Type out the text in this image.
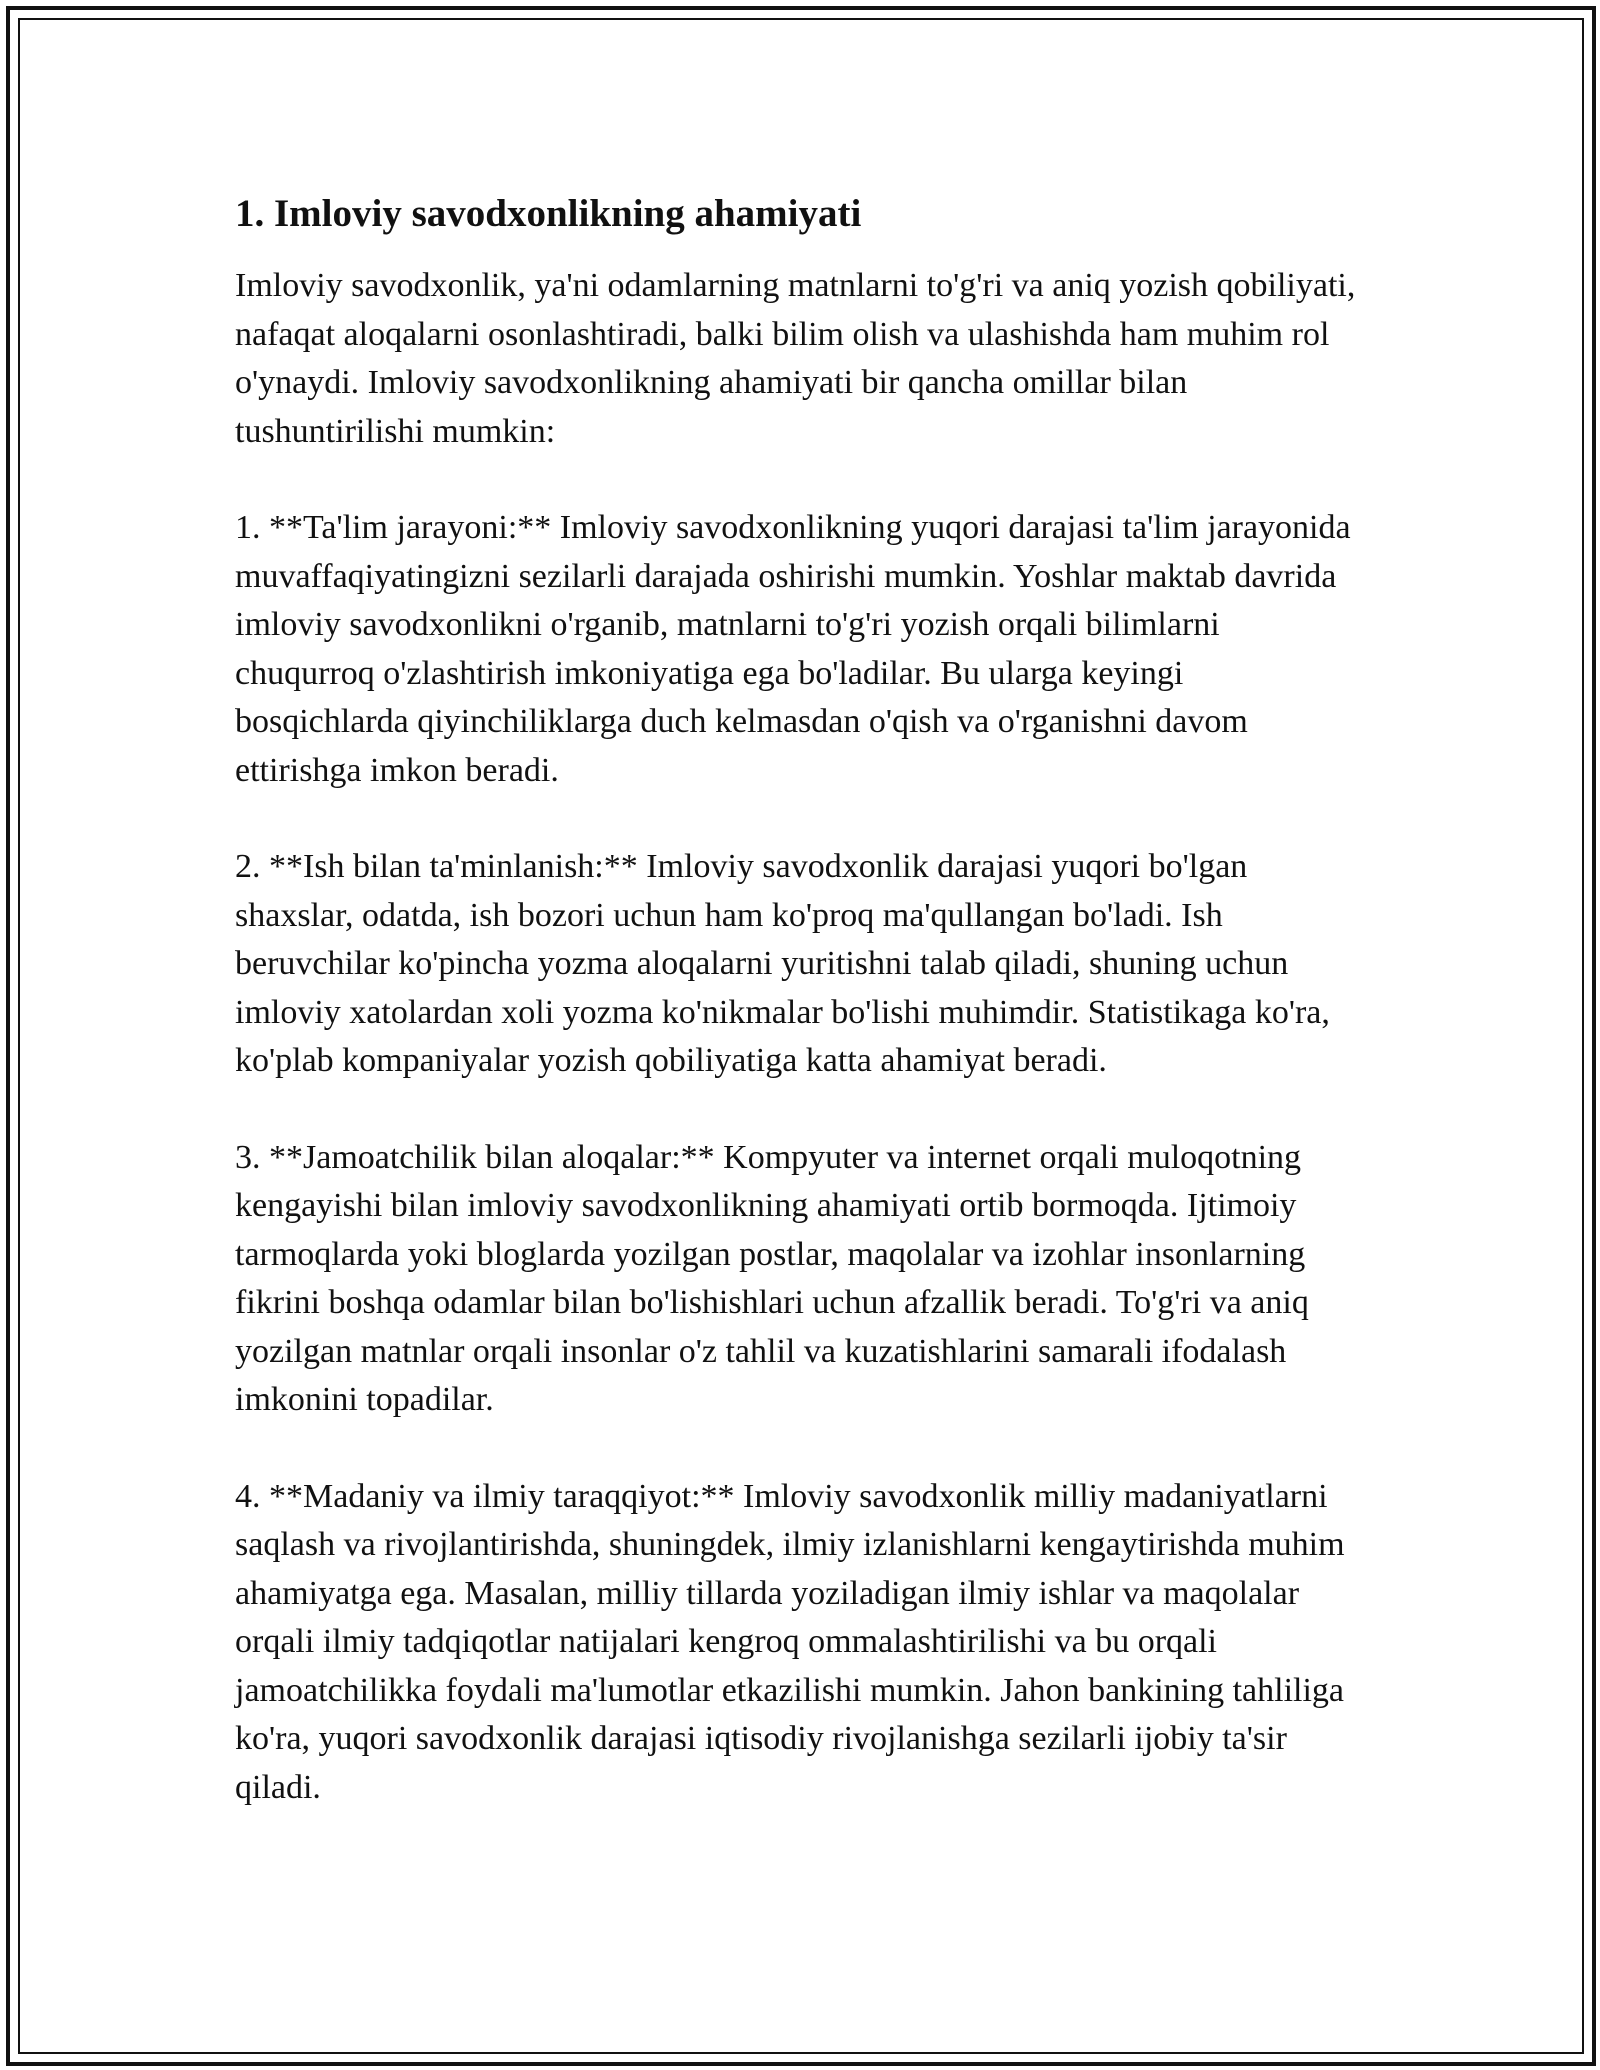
1. Imloviy savodxonlikning ahamiyati

Imloviy savodxonlik, ya'ni odamlarning matnlarni to'g'ri va aniq yozish qobiliyati, nafaqat aloqalarni osonlashtiradi, balki bilim olish va ulashishda ham muhim rol o'ynaydi. Imloviy savodxonlikning ahamiyati bir qancha omillar bilan tushuntirilishi mumkin:

1. **Ta'lim jarayoni:** Imloviy savodxonlikning yuqori darajasi ta'lim jarayonida muvaffaqiyatingizni sezilarli darajada oshirishi mumkin. Yoshlar maktab davrida imloviy savodxonlikni o'rganib, matnlarni to'g'ri yozish orqali bilimlarni chuqurroq o'zlashtirish imkoniyatiga ega bo'ladilar. Bu ularga keyingi bosqichlarda qiyinchiliklarga duch kelmasdan o'qish va o'rganishni davom ettirishga imkon beradi.

2. **Ish bilan ta'minlanish:** Imloviy savodxonlik darajasi yuqori bo'lgan shaxslar, odatda, ish bozori uchun ham ko'proq ma'qullangan bo'ladi. Ish beruvchilar ko'pincha yozma aloqalarni yuritishni talab qiladi, shuning uchun imloviy xatolardan xoli yozma ko'nikmalar bo'lishi muhimdir. Statistikaga ko'ra, ko'plab kompaniyalar yozish qobiliyatiga katta ahamiyat beradi.

3. **Jamoatchilik bilan aloqalar:** Kompyuter va internet orqali muloqotning kengayishi bilan imloviy savodxonlikning ahamiyati ortib bormoqda. Ijtimoiy tarmoqlarda yoki bloglarda yozilgan postlar, maqolalar va izohlar insonlarning fikrini boshqa odamlar bilan bo'lishishlari uchun afzallik beradi. To'g'ri va aniq yozilgan matnlar orqali insonlar o'z tahlil va kuzatishlarini samarali ifodalash imkonini topadilar.

4. **Madaniy va ilmiy taraqqiyot:** Imloviy savodxonlik milliy madaniyatlarni saqlash va rivojlantirishda, shuningdek, ilmiy izlanishlarni kengaytirishda muhim ahamiyatga ega. Masalan, milliy tillarda yoziladigan ilmiy ishlar va maqolalar orqali ilmiy tadqiqotlar natijalari kengroq ommalashtirilishi va bu orqali jamoatchilikka foydali ma'lumotlar etkazilishi mumkin. Jahon bankining tahliliga ko'ra, yuqori savodxonlik darajasi iqtisodiy rivojlanishga sezilarli ijobiy ta'sir qiladi.
